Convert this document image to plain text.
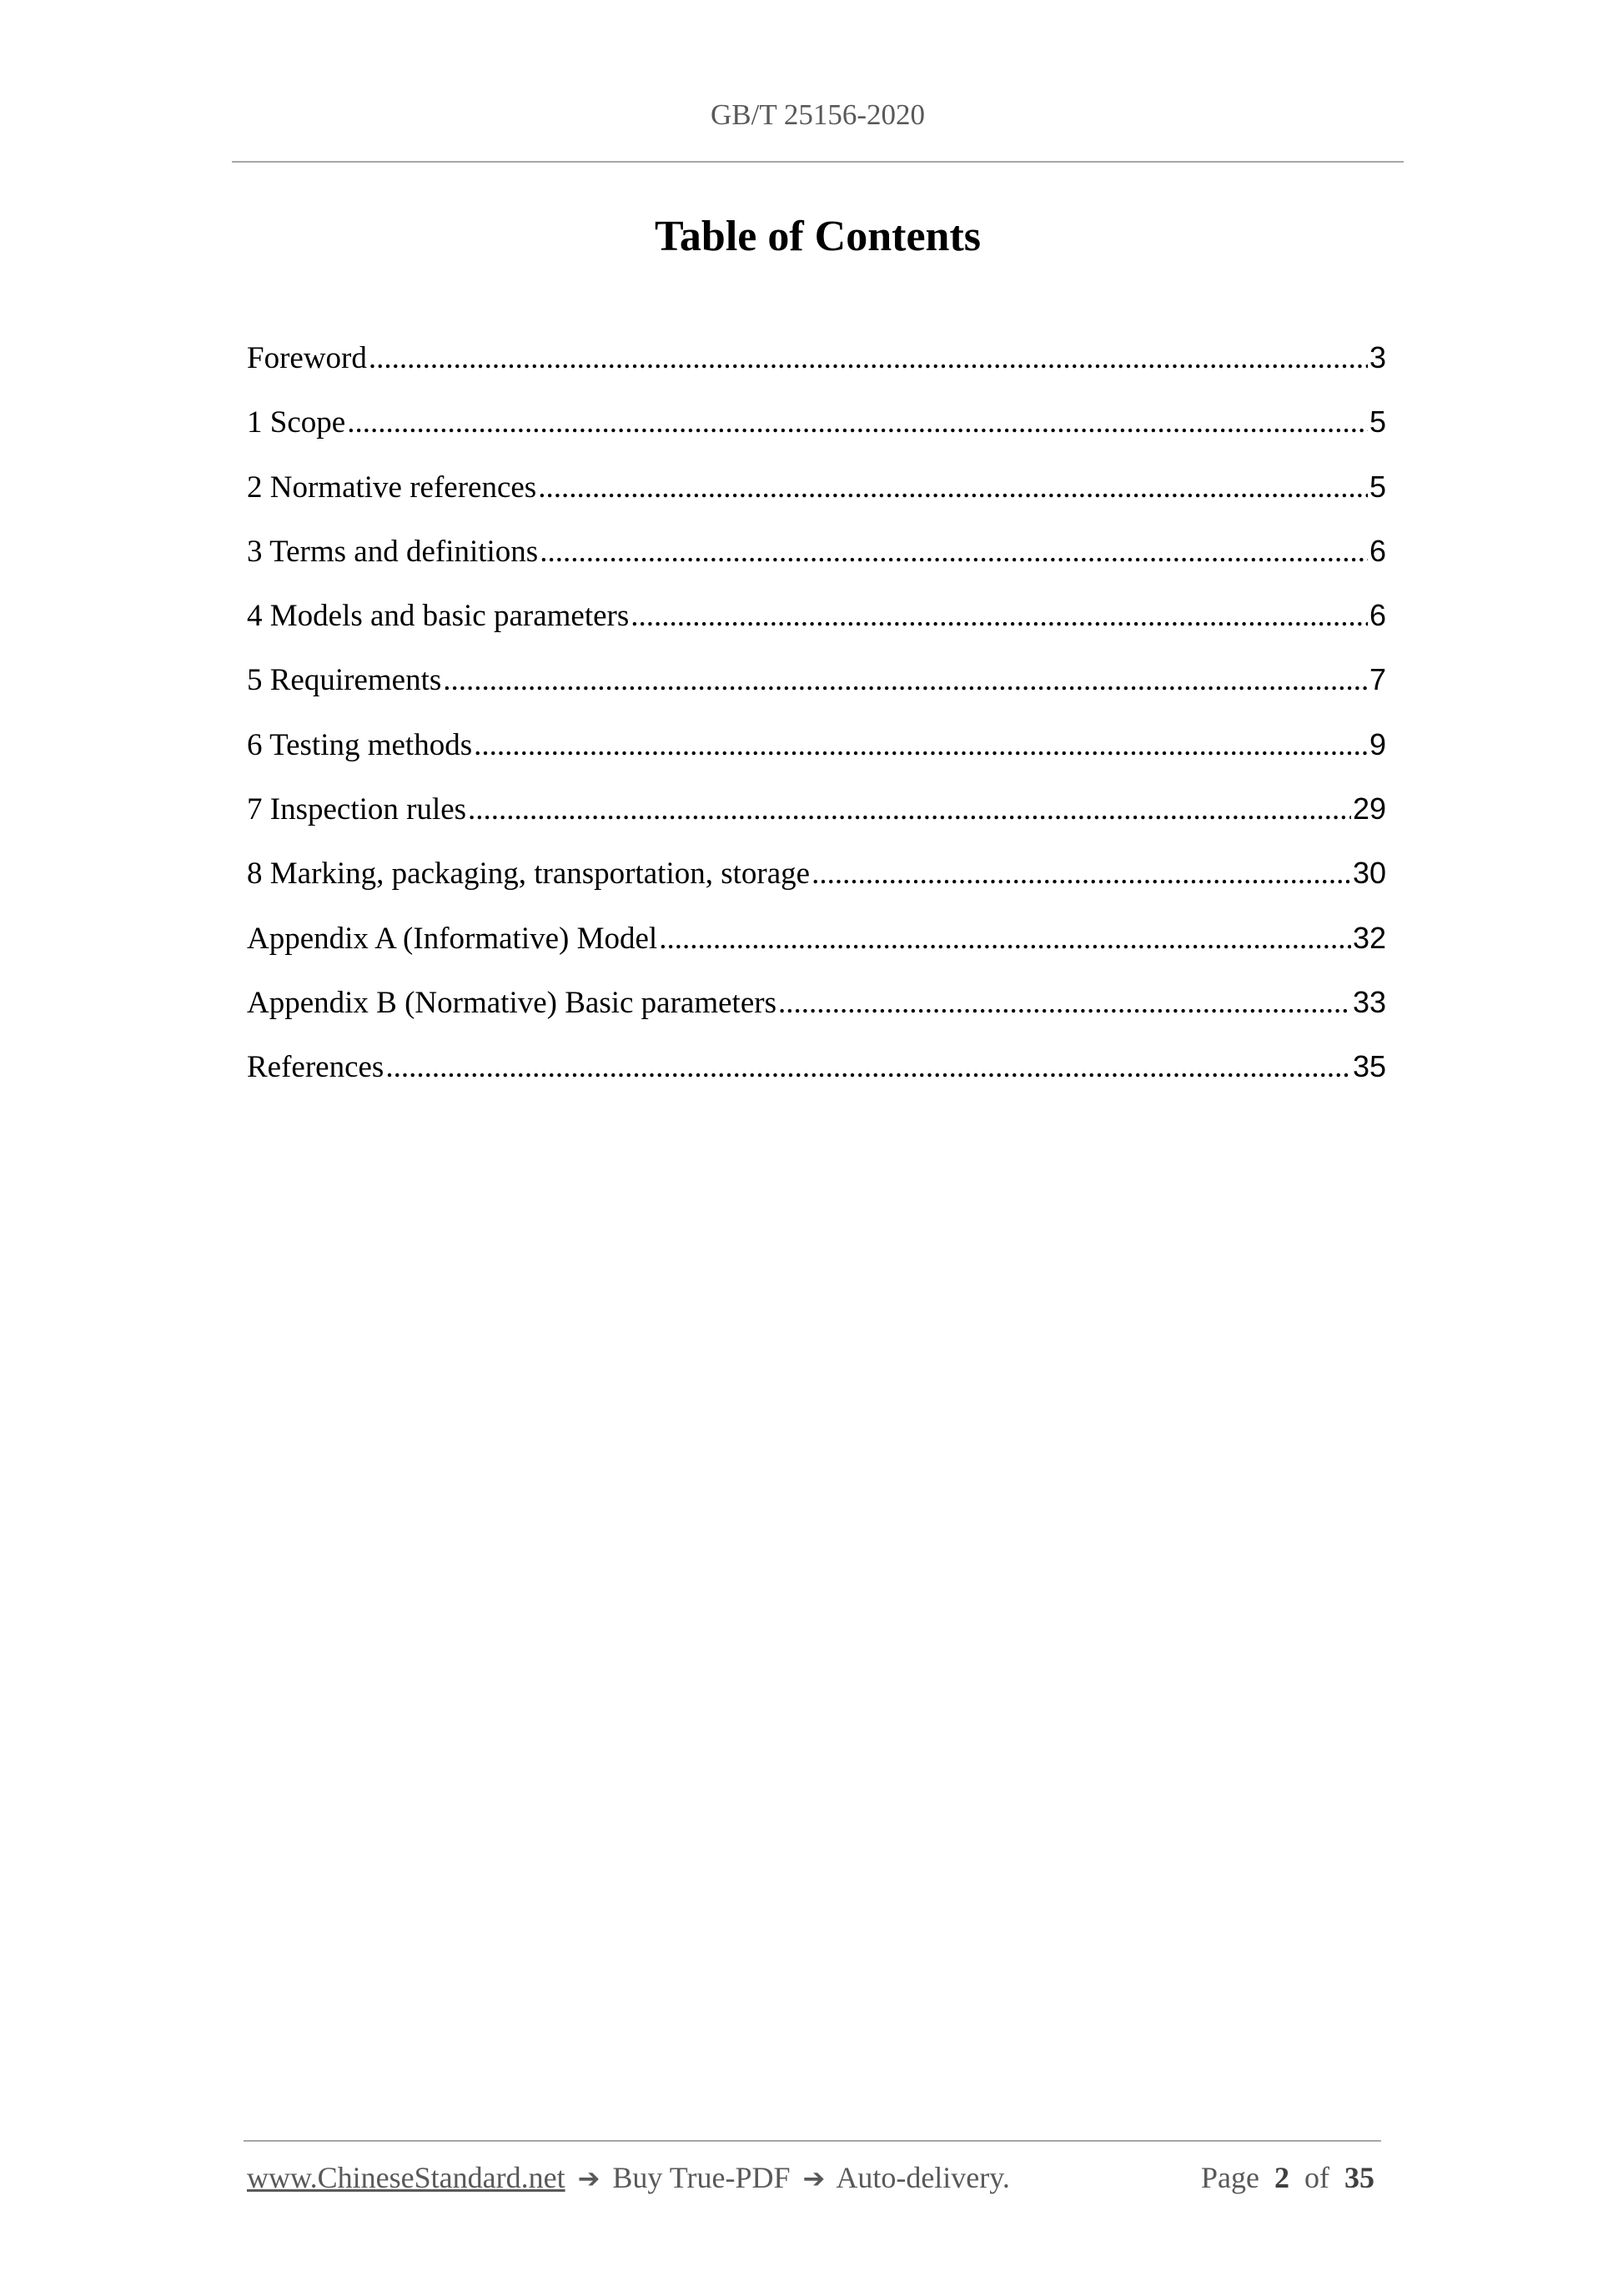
GB/T 25156-2020
Table of Contents
Foreword .....	3
1 Scope .....	5
2 Normative references .....	5
3 Terms and definitions .....	6
4 Models and basic parameters .....	6
5 Requirements .....	7
6 Testing methods .....	9
7 Inspection rules .....	29
8 Marking, packaging, transportation, storage .....	30
Appendix A (Informative) Model .....	32
Appendix B (Normative) Basic parameters .....	33
References .....	35
www.ChineseStandard.net ➔ Buy True-PDF ➔ Auto-delivery.	Page 2 of 35
